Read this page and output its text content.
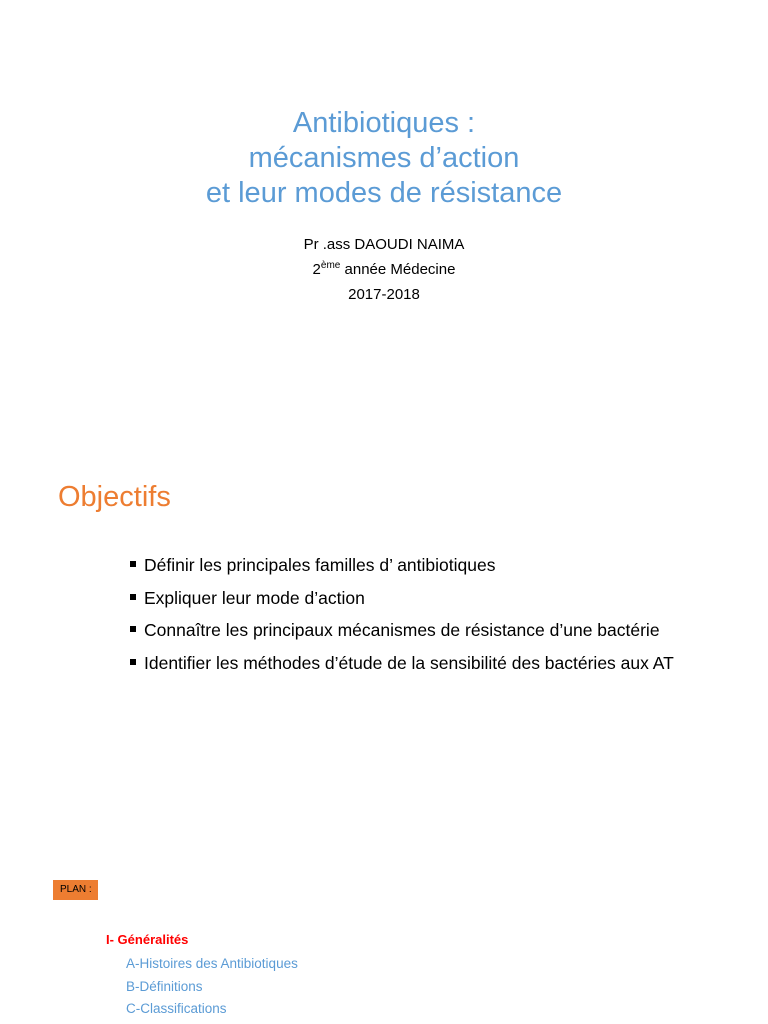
Antibiotiques :
mécanismes d’action
et leur modes de résistance
Pr .ass DAOUDI NAIMA
2ème année Médecine
2017-2018
Objectifs
Définir les principales familles d’ antibiotiques
Expliquer leur mode d’action
Connaître les principaux mécanismes de résistance d’une bactérie
Identifier les méthodes d’étude de la sensibilité des bactéries aux AT
PLAN :
I- Généralités
A-Histoires des Antibiotiques
B-Définitions
C-Classifications
